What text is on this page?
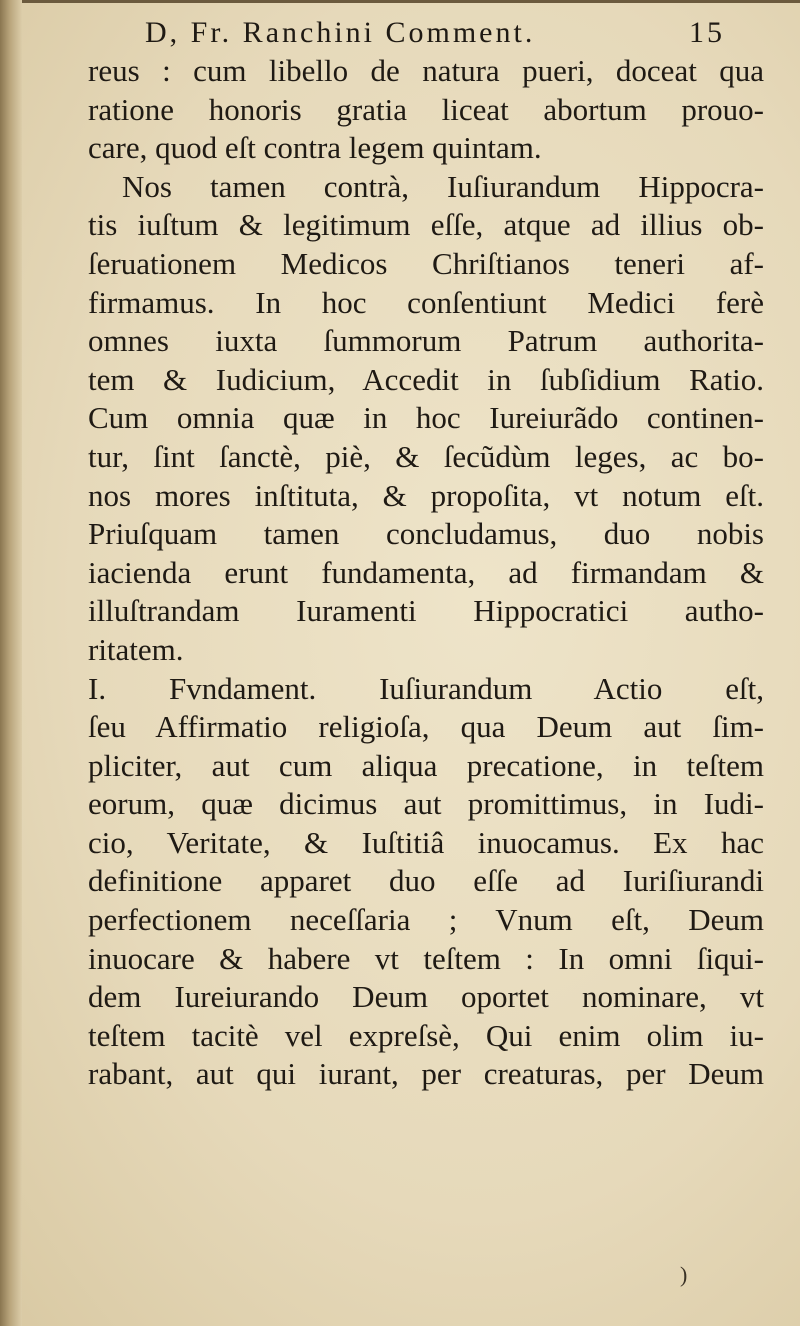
D, Fr. Ranchini Comment.	15
reus : cum libello de natura pueri, doceat qua
ratione honoris gratia liceat abortum prouo-
care, quod eſt contra legem quintam.
Nos tamen contrà, Iuſiurandum Hippocra-
tis iuſtum & legitimum eſſe, atque ad illius ob-
ſeruationem Medicos Chriſtianos teneri af-
firmamus. In hoc conſentiunt Medici ferè
omnes iuxta ſummorum Patrum authorita-
tem & Iudicium, Accedit in ſubſidium Ratio.
Cum omnia quæ in hoc Iureiurãdo continen-
tur, ſint ſanctè, piè, & ſecũdùm leges, ac bo-
nos mores inſtituta, & propoſita, vt notum eſt.
Priuſquam tamen concludamus, duo nobis
iacienda erunt fundamenta, ad firmandam &
illuſtrandam Iuramenti Hippocratici autho-
ritatem.
I. Fvndament. Iuſiurandum Actio eſt,
ſeu Affirmatio religioſa, qua Deum aut ſim-
pliciter, aut cum aliqua precatione, in teſtem
eorum, quæ dicimus aut promittimus, in Iudi-
cio, Veritate, & Iuſtitiâ inuocamus. Ex hac
definitione apparet duo eſſe ad Iuriſiurandi
perfectionem neceſſaria ; Vnum eſt, Deum
inuocare & habere vt teſtem : In omni ſiqui-
dem Iureiurando Deum oportet nominare, vt
teſtem tacitè vel expreſsè, Qui enim olim iu-
rabant, aut qui iurant, per creaturas, per Deum
)
